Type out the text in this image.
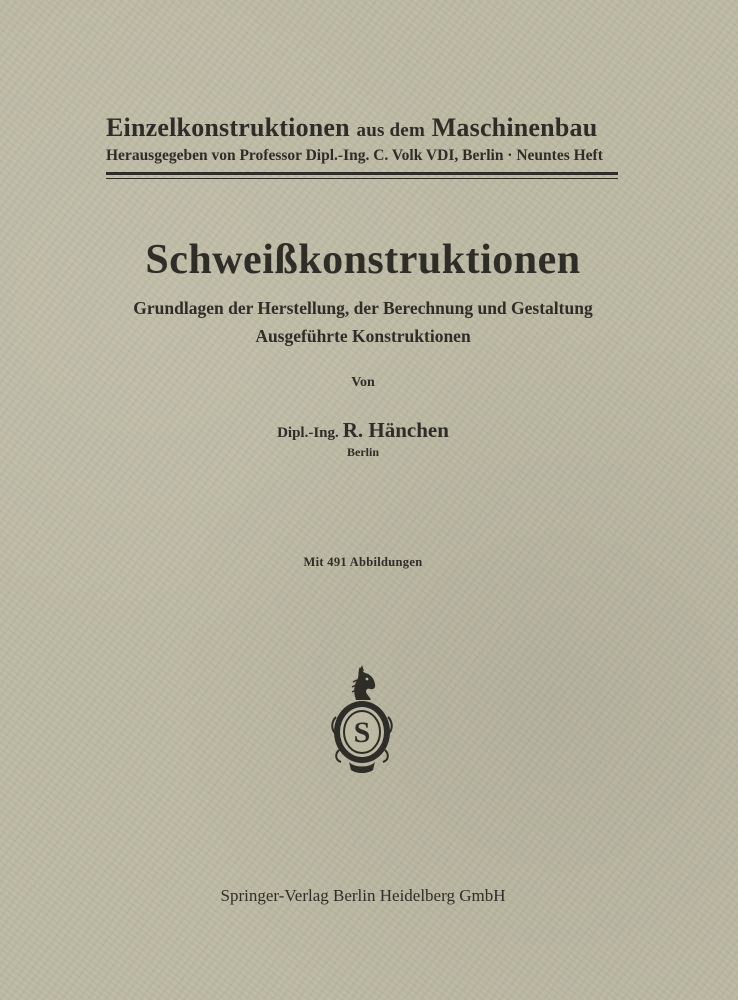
Einzelkonstruktionen aus dem Maschinenbau
Herausgegeben von Professor Dipl.-Ing. C. Volk VDI, Berlin · Neuntes Heft
Schweißkonstruktionen
Grundlagen der Herstellung, der Berechnung und Gestaltung
Ausgeführte Konstruktionen
Von
Dipl.-Ing. R. Hänchen
Berlin
Mit 491 Abbildungen
S
Springer-Verlag Berlin Heidelberg GmbH
